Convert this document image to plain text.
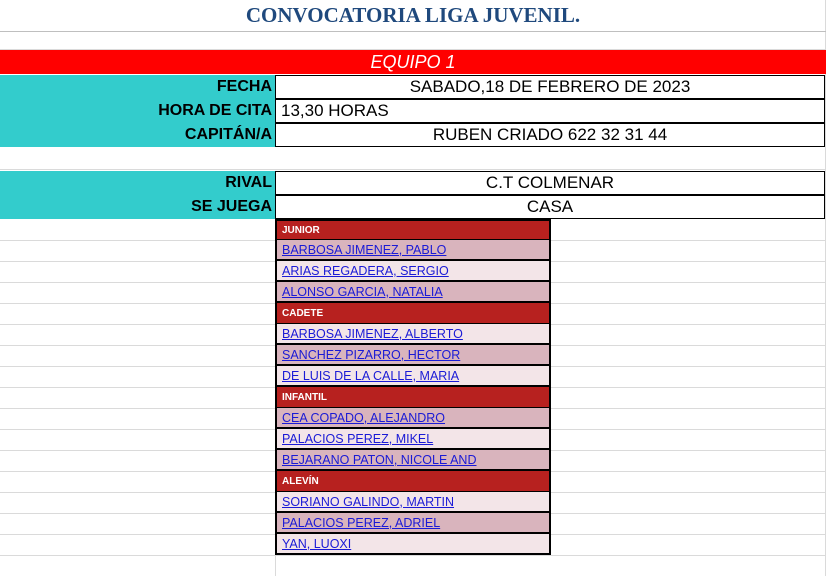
CONVOCATORIA LIGA JUVENIL.
EQUIPO 1
FECHA	SABADO,18 DE FEBRERO DE 2023
HORA DE CITA 13,30 HORAS
CAPITÁN/A	RUBEN CRIADO 622 32 31 44
RIVAL	C.T COLMENAR
SE JUEGA	CASA
JUNIOR
BARBOSA JIMENEZ, PABLO
ARIAS REGADERA, SERGIO
ALONSO GARCIA, NATALIA
CADETE
BARBOSA JIMENEZ, ALBERTO
SANCHEZ PIZARRO, HECTOR
DE LUIS DE LA CALLE, MARIA
INFANTIL
CEA COPADO, ALEJANDRO
PALACIOS PEREZ, MIKEL
BEJARANO PATON, NICOLE AND
ALEVÍN
SORIANO GALINDO, MARTIN
PALACIOS PEREZ, ADRIEL
YAN, LUOXI
